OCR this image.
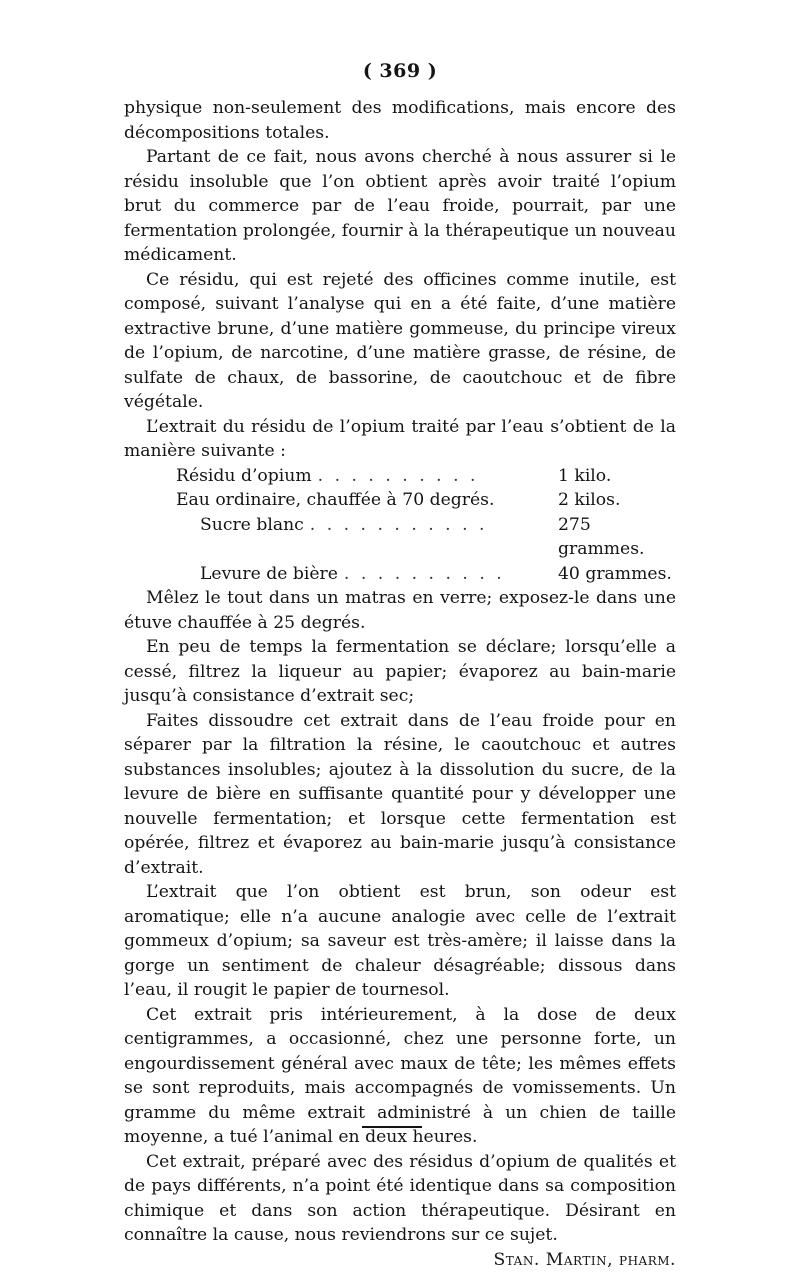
( 369 )

physique non-seulement des modifications, mais encore des décompositions totales.

Partant de ce fait, nous avons cherché à nous assurer si le résidu insoluble que l’on obtient après avoir traité l’opium brut du commerce par de l’eau froide, pourrait, par une fermentation prolongée, fournir à la thérapeutique un nouveau médicament.

Ce résidu, qui est rejeté des officines comme inutile, est composé, suivant l’analyse qui en a été faite, d’une matière extractive brune, d’une matière gommeuse, du principe vireux de l’opium, de narcotine, d’une matière grasse, de résine, de sulfate de chaux, de bassorine, de caoutchouc et de fibre végétale.

L’extrait du résidu de l’opium traité par l’eau s’obtient de la manière suivante :

Résidu d’opium . . . . . . . . . .	1 kilo.
Eau ordinaire, chauffée à 70 degrés.	2 kilos.
Sucre blanc . . . . . . . . . . .	275 grammes.
Levure de bière . . . . . . . . . .	40 grammes.

Mêlez le tout dans un matras en verre; exposez-le dans une étuve chauffée à 25 degrés.

En peu de temps la fermentation se déclare; lorsqu’elle a cessé, filtrez la liqueur au papier; évaporez au bain-marie jusqu’à consistance d’extrait sec;

Faites dissoudre cet extrait dans de l’eau froide pour en séparer par la filtration la résine, le caoutchouc et autres substances insolubles; ajoutez à la dissolution du sucre, de la levure de bière en suffisante quantité pour y développer une nouvelle fermentation; et lorsque cette fermentation est opérée, filtrez et évaporez au bain-marie jusqu’à consistance d’extrait.

L’extrait que l’on obtient est brun, son odeur est aromatique; elle n’a aucune analogie avec celle de l’extrait gommeux d’opium; sa saveur est très-amère; il laisse dans la gorge un sentiment de chaleur désagréable; dissous dans l’eau, il rougit le papier de tournesol.

Cet extrait pris intérieurement, à la dose de deux centigrammes, a occasionné, chez une personne forte, un engourdissement général avec maux de tête; les mêmes effets se sont reproduits, mais accompagnés de vomissements. Un gramme du même extrait administré à un chien de taille moyenne, a tué l’animal en deux heures.

Cet extrait, préparé avec des résidus d’opium de qualités et de pays différents, n’a point été identique dans sa composition chimique et dans son action thérapeutique. Désirant en connaître la cause, nous reviendrons sur ce sujet.

Stan. Martin, pharm.
